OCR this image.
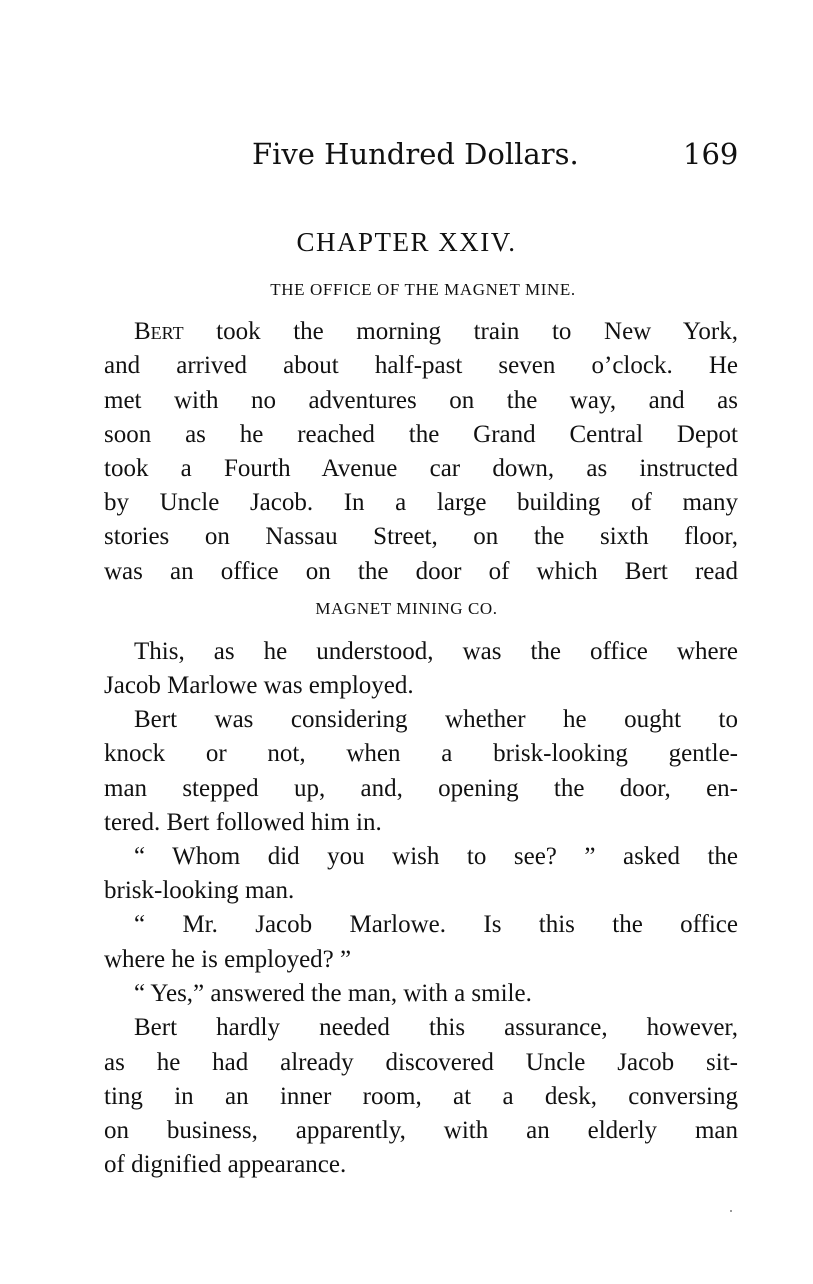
Five Hundred Dollars.	169
CHAPTER XXIV.
THE OFFICE OF THE MAGNET MINE.
Bert took the morning train to New York,
and arrived about half-past seven o’clock. He
met with no adventures on the way, and as
soon as he reached the Grand Central Depot
took a Fourth Avenue car down, as instructed
by Uncle Jacob. In a large building of many
stories on Nassau Street, on the sixth floor,
was an office on the door of which Bert read
MAGNET MINING CO.
This, as he understood, was the office where
Jacob Marlowe was employed.
Bert was considering whether he ought to
knock or not, when a brisk-looking gentle-
man stepped up, and, opening the door, en-
tered. Bert followed him in.
“ Whom did you wish to see? ” asked the
brisk-looking man.
“ Mr. Jacob Marlowe. Is this the office
where he is employed? ”
“ Yes,” answered the man, with a smile.
Bert hardly needed this assurance, however,
as he had already discovered Uncle Jacob sit-
ting in an inner room, at a desk, conversing
on business, apparently, with an elderly man
of dignified appearance.
